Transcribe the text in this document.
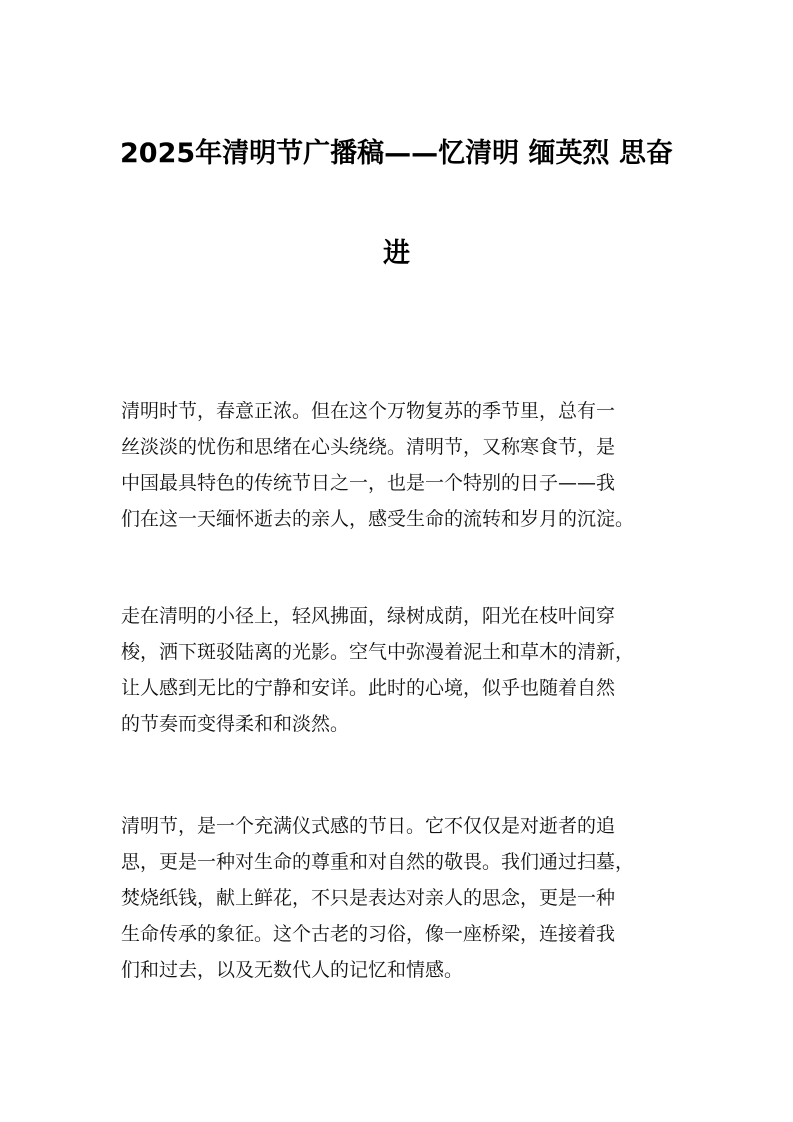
2025年清明节广播稿——忆清明 缅英烈 思奋
进
清明时节，春意正浓。但在这个万物复苏的季节里，总有一
丝淡淡的忧伤和思绪在心头绕绕。清明节，又称寒食节，是
中国最具特色的传统节日之一，也是一个特别的日子——我
们在这一天缅怀逝去的亲人，感受生命的流转和岁月的沉淀。
走在清明的小径上，轻风拂面，绿树成荫，阳光在枝叶间穿
梭，洒下斑驳陆离的光影。空气中弥漫着泥土和草木的清新，
让人感到无比的宁静和安详。此时的心境，似乎也随着自然
的节奏而变得柔和和淡然。
清明节，是一个充满仪式感的节日。它不仅仅是对逝者的追
思，更是一种对生命的尊重和对自然的敬畏。我们通过扫墓，
焚烧纸钱，献上鲜花，不只是表达对亲人的思念，更是一种
生命传承的象征。这个古老的习俗，像一座桥梁，连接着我
们和过去，以及无数代人的记忆和情感。
